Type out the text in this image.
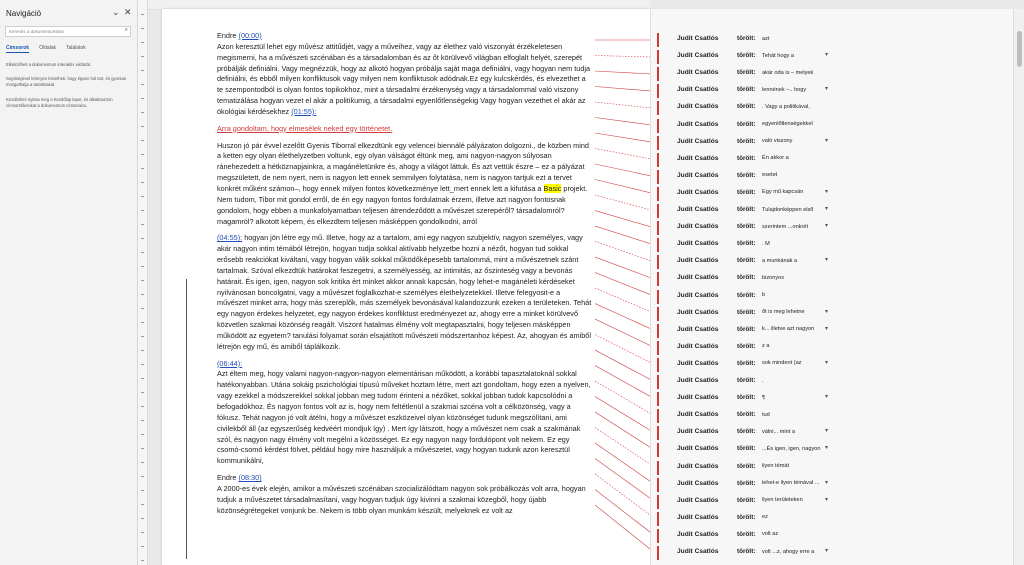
Navigáció	⌄ ✕
Keresés a dokumentumban	⌕
Címsorok Oldalak Találatok
Elkészítheti a dokumentum interaktív vázlatát.
Segítségével könnyen követheti, hogy éppen hol tart, és gyorsan mozgathatja a tartalmakat.
Kezdéshez nyissa meg a Kezdőlap lapot, és alkalmazzon címsorstílusokat a dokumentum címsoraira.

Endre (00:00)
Azon keresztül lehet egy művész attitűdjét, vagy a műveihez, vagy az élethez való viszonyát érzékeletesen megismerni, ha a művészeti szcénában és a társadalomban és az őt körülvevő világban elfoglalt helyét, szerepét próbálják definiálni. Vagy megnézzük, hogy az alkotó hogyan próbálja saját maga definiálni, vagy hogyan nem tudja definiálni, és ebből milyen konfliktusok vagy milyen nem konfliktusok adódnak.Ez egy kulcskérdés, és elvezethet a te szempontodból is olyan fontos topikokhoz, mint a társadalmi érzékenység vagy a társadalommal való viszony tematizálása hogyan vezet el akár a politikumig, a társadalmi egyenlőtlenségekig Vagy hogyan vezethet el akár az ökológiai kérdésekhez (01:55):

Arra gondoltam, hogy elmesélek neked egy történetet.

Huszon jó pár évvel ezelőtt Gyenis Tiborral elkezdtünk egy velencei biennálé pályázaton dolgozni., de közben mind a ketten egy olyan élethelyzetben voltunk, egy olyan válságot éltünk meg, ami nagyon-nagyon súlyosan ránehezedett a hétköznapjainkra, a magánéletünkre és, ahogy a világot láttuk. És azt vettük észre – ez a pályázat megszületett, de nem nyert, nem is nagyon lett ennek semmilyen folytatása, nem is nagyon tartjuk ezt a tervet konkrét műként számon–, hogy ennek milyen fontos következménye lett_mert ennek lett a kifutása a Basic projekt. Nem tudom, Tibor mit gondol erről, de én egy nagyon fontos fordulatnak érzem, illetve azt nagyon fontosnak gondolom, hogy ebben a munkafolyamatban teljesen átrendeződött a művészet szerepéről? társadalomról? magamról? alkotott képem, és elkezdtem teljesen másképpen gondolkodni, arról

(04:55): hogyan jön létre egy mű. Illetve, hogy az a tartalom, ami egy nagyon szubjektív, nagyon személyes, vagy akár nagyon intim témából létrejön, hogyan tudja sokkal aktívabb helyzetbe hozni a nézőt, hogyan tud sokkal erősebb reakciókat kiváltani, vagy hogyan válik sokkal működőképesebb tartalommá, mint a művészetnek szánt tartalmak. Szóval elkezdtük határokat feszegetni, a személyesség, az intimitás, az őszinteség vagy a bevonás határait. És igen, igen, nagyon sok kritika ért minket akkor annak kapcsán, hogy lehet-e magánéleti kérdéseket nyilvánosan boncolgatni, vagy a művészet foglalkozhat-e személyes élethelyzetekkel. Illetve felegyosit-e a művészet minket arra, hogy más szereplők, más személyek bevonásával kalandozzunk ezeken a területeken. Tehát egy nagyon érdekes helyzetet, egy nagyon érdekes konfliktust eredményezet az, ahogy erre a minket körülvevő közvetlen szakmai közönség reagált. Viszont hatalmas élmény volt megtapasztalni, hogy teljesen másképpen működött az egyetem? tanulási folyamat során elsajátított művészeti módszertanhoz képest. Az, ahogyan és amiből létrejön egy mű, és amiből táplálkozik.

(06:44):
Azt éltem meg, hogy valami nagyon-nagyon-nagyon elementárisan működött, a korábbi tapasztalatoknál sokkal hatékonyabban. Utána sokáig pszichológiai típusú műveket hoztam létre, mert azt gondoltam, hogy ezen a nyelven, vagy ezekkel a módszerekkel sokkal jobban meg tudom érinteni a nézőket, sokkal jobban tudok kapcsolódni a befogadókhoz. És nagyon fontos volt az is, hogy nem feltétlenül a szakmai szcéna volt a célközönség, vagy a fókusz. Tehát nagyon jó volt átélni, hogy a művészet eszközeivel olyan közönséget tudunk megszólítani, ami civilekből áll (az egyszerűség kedvéért mondjuk így) . Mert így látszott, hogy a művészet nem csak a szakmának szól, és nagyon nagy élmény volt megélni a közösséget. Ez egy nagyon nagy fordulópont volt nekem. Ez egy csomó-csomó kérdést fölvet, például hogy mire használjuk a művészetet, vagy hogyan tudunk azon keresztül kommunikálni,

Endre (08:30)
A 2000-es évek elején, amikor a művészeti szcénában szocializálódtam nagyon sok próbálkozás volt arra, hogyan tudjuk a művészetet társadalmasítani, vagy hogyan tudjuk úgy kivinni a szakmai közegből, hogy újabb közönségrétegeket vonjunk be. Nekem is több olyan munkám készült, melyeknek ez volt az

Judit Csatlós	törölt: azt
Judit Csatlós	törölt: Tehát hogy a	▾
Judit Csatlós	törölt: akár oda is – melyek
Judit Csatlós	törölt: lennének –.. hogy	▾
Judit Csatlós	törölt: . Vagy a politikával,
Judit Csatlós	törölt: egyenlőtlenségekkel
Judit Csatlós	törölt: való viszony	▾
Judit Csatlós	törölt: Én akkor a
Judit Csatlós	törölt: esetet
Judit Csatlós	törölt: Egy mű kapcsán	▾
Judit Csatlós	törölt: Tulajdonképpen első ▾
Judit Csatlós	törölt: szerintem ...onkrét	▾
Judit Csatlós	törölt: . M
Judit Csatlós	törölt: a munkának a	▾
Judit Csatlós	törölt: bizonyos
Judit Csatlós	törölt: b
Judit Csatlós	törölt: őt is meg lehetne	▾
Judit Csatlós	törölt: k... illetve azt nagyon ▾
Judit Csatlós	törölt: z a
Judit Csatlós	törölt: sok mindent (az	▾
Judit Csatlós	törölt: .
Judit Csatlós	törölt: ¶	▾
Judit Csatlós	törölt: tud
Judit Csatlós	törölt: válni... mint a	▾
Judit Csatlós	törölt: ...És igen, igen, nagyon ▾
Judit Csatlós	törölt: ilyen témát
Judit Csatlós	törölt: lehet-e ilyen témával ... ▾
Judit Csatlós	törölt: ilyen területeken	▾
Judit Csatlós	törölt: ez
Judit Csatlós	törölt: volt az
Judit Csatlós	törölt: volt ...z, ahogy erre a ▾
